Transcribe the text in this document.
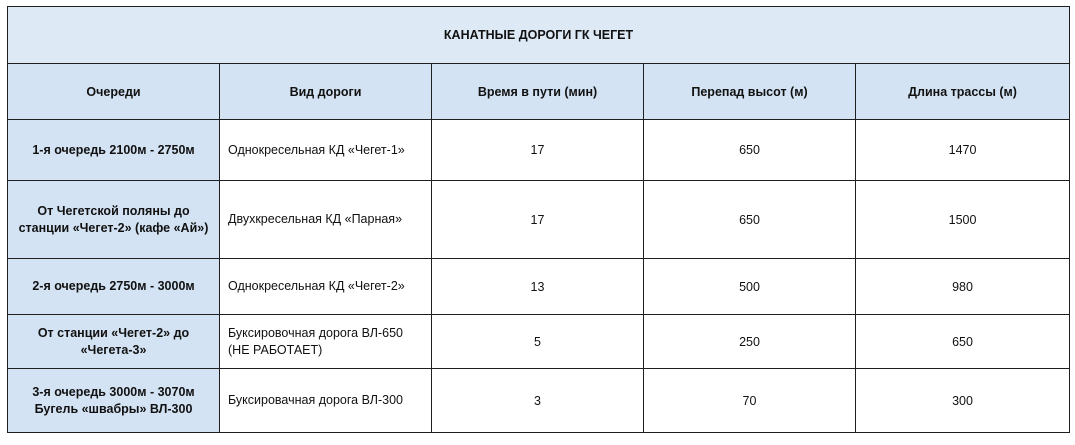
КАНАТНЫЕ ДОРОГИ ГК ЧЕГЕТ				
Очереди	Вид дороги	Время в пути (мин)	Перепад высот (м)	Длина трассы (м)
1-я очередь 2100м - 2750м	Однокресельная КД «Чегет-1»	17	650	1470
От Чегетской поляны до станции «Чегет-2» (кафе «Ай»)	Двухкресельная КД «Парная»	17	650	1500
2-я очередь 2750м - 3000м	Однокресельная КД «Чегет-2»	13	500	980
От станции «Чегет-2» до «Чегета-3»	Буксировочная дорога ВЛ-650 (НЕ РАБОТАЕТ)	5	250	650
3-я очередь 3000м - 3070м Бугель «швабры» ВЛ-300	Буксировачная дорога ВЛ-300	3	70	300
